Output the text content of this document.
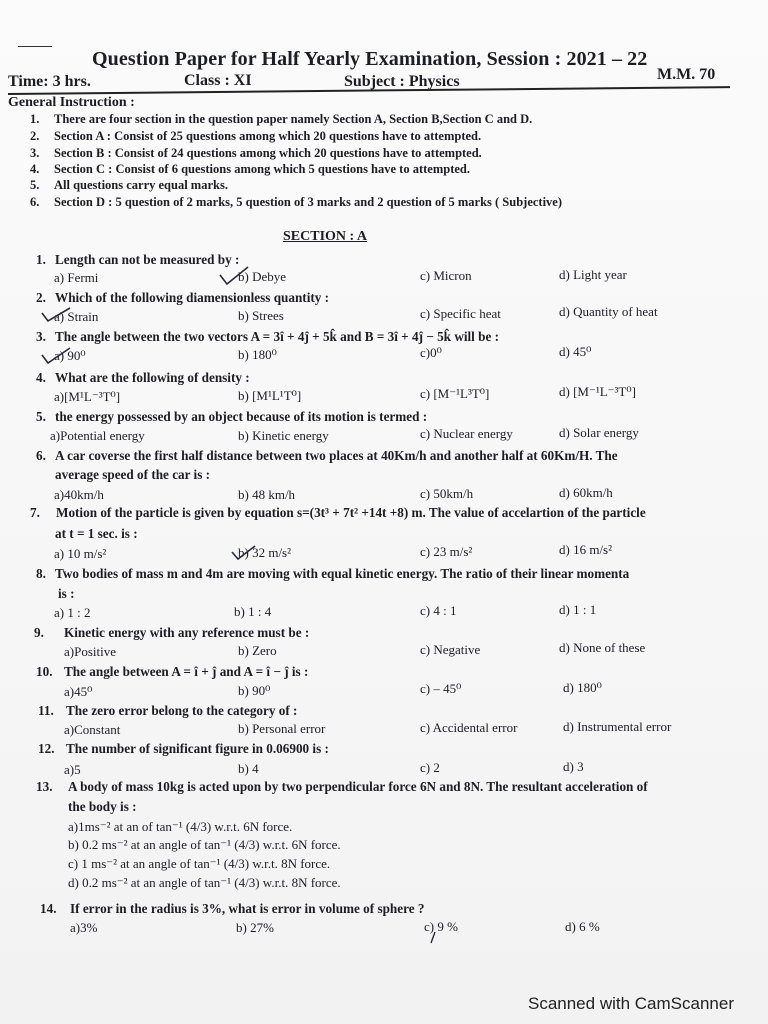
Question Paper for Half Yearly Examination, Session : 2021 – 22
Time: 3 hrs.	Class : XI	Subject : Physics	M.M. 70
General Instruction :
1. There are four section in the question paper namely Section A, Section B,Section C and D.
2. Section A : Consist of 25 questions among which 20 questions have to attempted.
3. Section B : Consist of 24 questions among which 20 questions have to attempted.
4. Section C : Consist of 6 questions among which 5 questions have to attempted.
5. All questions carry equal marks.
6. Section D : 5 question of 2 marks, 5 question of 3 marks and 2 question of 5 marks ( Subjective)
SECTION : A
1. Length can not be measured by :
a) Fermi	b) Debye	c) Micron	d) Light year
2. Which of the following diamensionless quantity :
a) Strain	b) Strees	c) Specific heat	d) Quantity of heat
3. The angle between the two vectors A = 3î + 4ĵ + 5k̂ and B = 3î + 4ĵ − 5k̂ will be :
a) 90⁰	b) 180⁰	c)0⁰	d) 45⁰
4. What are the following of density :
a)[M¹L⁻³T⁰]	b) [M¹L¹T⁰]	c) [M⁻¹L³T⁰]	d) [M⁻¹L⁻³T⁰]
5. the energy possessed by an object because of its motion is termed :
a)Potential energy	b) Kinetic energy	c) Nuclear energy	d) Solar energy
6. A car coverse the first half distance between two places at 40Km/h and another half at 60Km/H. The
average speed of the car is :
a)40km/h	b) 48 km/h	c) 50km/h	d) 60km/h
7. Motion of the particle is given by equation s=(3t³ + 7t² +14t +8) m. The value of accelartion of the particle
at t = 1 sec. is :
a) 10 m/s²	b) 32 m/s²	c) 23 m/s²	d) 16 m/s²
8. Two bodies of mass m and 4m are moving with equal kinetic energy. The ratio of their linear momenta
is :
a) 1 : 2	b) 1 : 4	c) 4 : 1	d) 1 : 1
9. Kinetic energy with any reference must be :
a)Positive	b) Zero	c) Negative	d) None of these
10. The angle between A = î + ĵ and A = î − ĵ is :
a)45⁰	b) 90⁰	c) – 45⁰	d) 180⁰
11. The zero error belong to the category of :
a)Constant	b) Personal error	c) Accidental error	d) Instrumental error
12. The number of significant figure in 0.06900 is :
a)5	b) 4	c) 2	d) 3
13. A body of mass 10kg is acted upon by two perpendicular force 6N and 8N. The resultant acceleration of
the body is :
a)1ms⁻² at an of tan⁻¹ (4/3) w.r.t. 6N force.
b) 0.2 ms⁻² at an angle of tan⁻¹ (4/3) w.r.t. 6N force.
c) 1 ms⁻² at an angle of tan⁻¹ (4/3) w.r.t. 8N force.
d) 0.2 ms⁻² at an angle of tan⁻¹ (4/3) w.r.t. 8N force.
14. If error in the radius is 3%, what is error in volume of sphere ?
a)3%	b) 27%	c) 9 %	d) 6 %
Scanned with CamScanner
